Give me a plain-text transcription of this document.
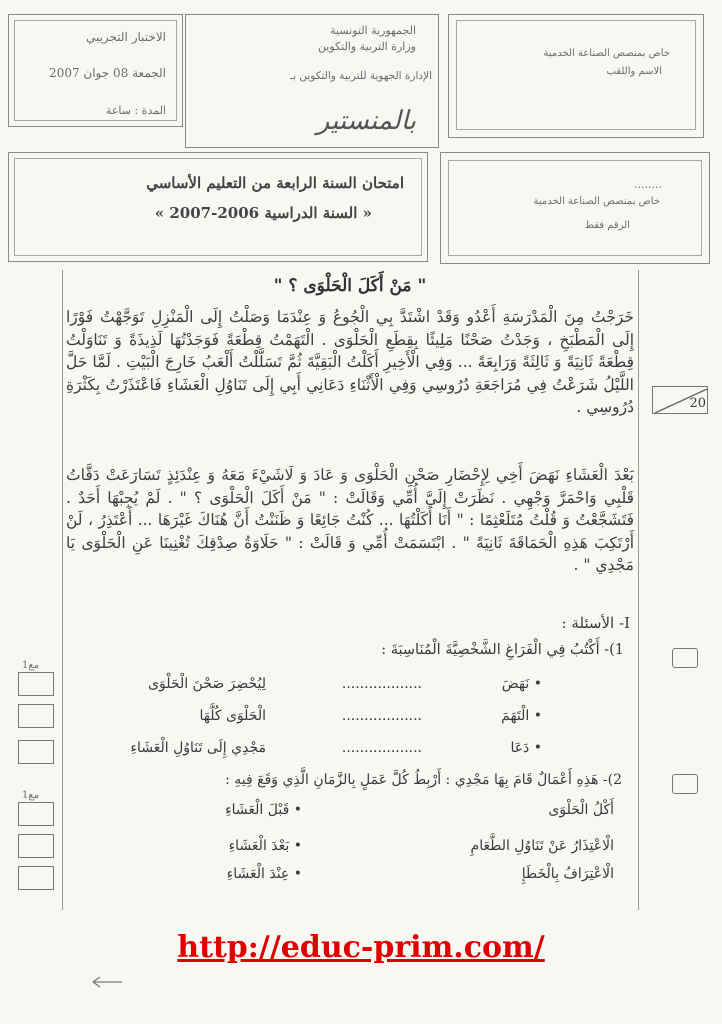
الاختبار التجريبي
الجمعة 08 جوان 2007
المدة : ساعة
الجمهورية التونسية
وزارة التربية والتكوين
الإدارة الجهوية للتربية والتكوين بـ
بالمنستير
خاص بمنصص الصناعة الخدمية
الاسم واللقب
امتحان السنة الرابعة من التعليم الأساسي
« السنة الدراسية 2006-2007 »
........
خاص بمنصص الصناعة الخدمية
الرقم فقط
" مَنْ أَكَلَ الْحَلْوَى ؟ "
خَرَجْتُ مِنَ الْمَدْرَسَةِ أَعْدُو وَقَدْ اشْتَدَّ بِي الْجُوعُ وَ عِنْدَمَا وَصَلْتُ إِلَى الْمَنْزِلِ تَوَجَّهْتُ فَوْرًا إِلَى الْمَطْبَخِ ، وَجَدْتُ صَحْنًا مَلِيئًا بِقِطَعِ الْحَلْوَى . الْتَهَمْتُ قِطْعَةً فَوَجَدْتُهَا لَذِيذَةً وَ تَنَاوَلْتُ قِطْعَةً ثَانِيَةً وَ ثَالِثَةً وَرَابِعَةً ... وَفِي الْأَخِيرِ أَكَلْتُ الْبَقِيَّةَ ثُمَّ تَسَلَّلْتُ أَلْعَبُ خَارِجَ الْبَيْتِ . لَمَّا حَلَّ اللَّيْلُ شَرَعْتُ فِي مُرَاجَعَةِ دُرُوسِي وَفِي الْأَثْنَاءِ دَعَانِي أَبِي إِلَى تَنَاوُلِ الْعَشَاءِ فَاعْتَذَرْتُ بِكَثْرَةِ دُرُوسِي .
بَعْدَ الْعَشَاءِ نَهَضَ أَخِي لِإِحْضَارِ صَحْنِ الْحَلْوَى وَ عَادَ وَ لَاشَيْءَ مَعَهُ وَ عِنْدَئِذٍ تَسَارَعَتْ دَقَّاتُ قَلْبِي وَاحْمَرَّ وَجْهِي . نَظَرَتْ إِلَيَّ أُمِّي وَقَالَتْ : " مَنْ أَكَلَ الْحَلْوَى ؟ " . لَمْ يُجِبْهَا أَحَدٌ . فَتَشَجَّعْتُ وَ قُلْتُ مُتَلَعْثِمًا : " أَنَا أَكَلْتُهَا ... كُنْتُ جَائِعًا وَ ظَنَنْتُ أَنَّ هُنَاكَ غَيْرَهَا ... أَعْتَذِرُ ، لَنْ أَرْتَكِبَ هَذِهِ الْحَمَاقَةَ ثَانِيَةً " . ابْتَسَمَتْ أُمِّي وَ قَالَتْ : " حَلَاوَةُ صِدْقِكَ تُغْنِينَا عَنِ الْحَلْوَى يَا مَجْدِي " .
20
I- الأسئلة :
1)- أَكْتُبُ فِي الْفَرَاغِ الشَّخْصِيَّةَ الْمُنَاسِبَةَ :
• نَهَضَ
..................
لِيُحْضِرَ صَحْنَ الْحَلْوَى
• الْتَهَمَ
..................
الْحَلْوَى كُلَّهَا
• دَعَا
..................
مَجْدِي إِلَى تَنَاوُلِ الْعَشَاءِ
2)- هَذِهِ أَعْمَالٌ قَامَ بِهَا مَجْدِي : أَرْبِطُ كُلَّ عَمَلٍ بِالزَّمَانِ الَّذِي وَقَعَ فِيهِ :
أَكْلُ الْحَلْوَى
الْاعْتِذَارُ عَنْ تَنَاوُلِ الطَّعَامِ
الْاعْتِرَافُ بِالْخَطَإِ
• قَبْلَ الْعَشَاءِ
• بَعْدَ الْعَشَاءِ
• عِنْدَ الْعَشَاءِ
مع1
مع1
http://educ-prim.com/
